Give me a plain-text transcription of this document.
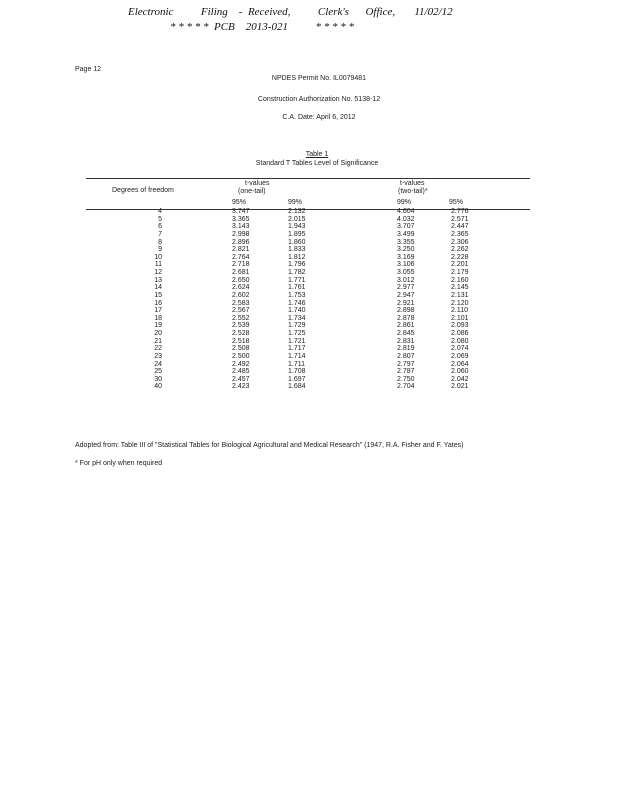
Electronic          Filing    -  Received,          Clerk's      Office,       11/02/12
* * * * *  PCB    2013-021          * * * * *
Page 12
NPDES Permit No. IL0079481
Construction Authorization No. 5138-12
C.A. Date: April 6, 2012
Table 1
Standard T Tables Level of Significance
Degrees of freedom
t-values
(one-tail)
t-values
(two-tail)*
95%	99%	99%	95%
4	3.747	2.132	4.604	2.776
5	3.365	2.015	4.032	2.571
6	3.143	1.943	3.707	2.447
7	2.998	1.895	3.499	2.365
8	2.896	1.860	3.355	2.306
9	2.821	1.833	3.250	2.262
10	2.764	1.812	3.169	2.228
11	2.718	1.796	3.106	2.201
12	2.681	1.782	3.055	2.179
13	2.650	1.771	3.012	2.160
14	2.624	1.761	2.977	2.145
15	2.602	1.753	2.947	2.131
16	2.583	1.746	2.921	2.120
17	2.567	1.740	2.898	2.110
18	2.552	1.734	2.878	2.101
19	2.539	1.729	2.861	2.093
20	2.528	1.725	2.845	2.086
21	2.518	1.721	2.831	2.080
22	2.508	1.717	2.819	2.074
23	2.500	1.714	2.807	2.069
24	2.492	1.711	2.797	2.064
25	2.485	1.708	2.787	2.060
30	2.457	1.697	2.750	2.042
40	2.423	1.684	2.704	2.021
Adopted from: Table III of "Statistical Tables for Biological Agricultural and Medical Research" (1947, R.A. Fisher and F. Yates)
* For pH only when required
